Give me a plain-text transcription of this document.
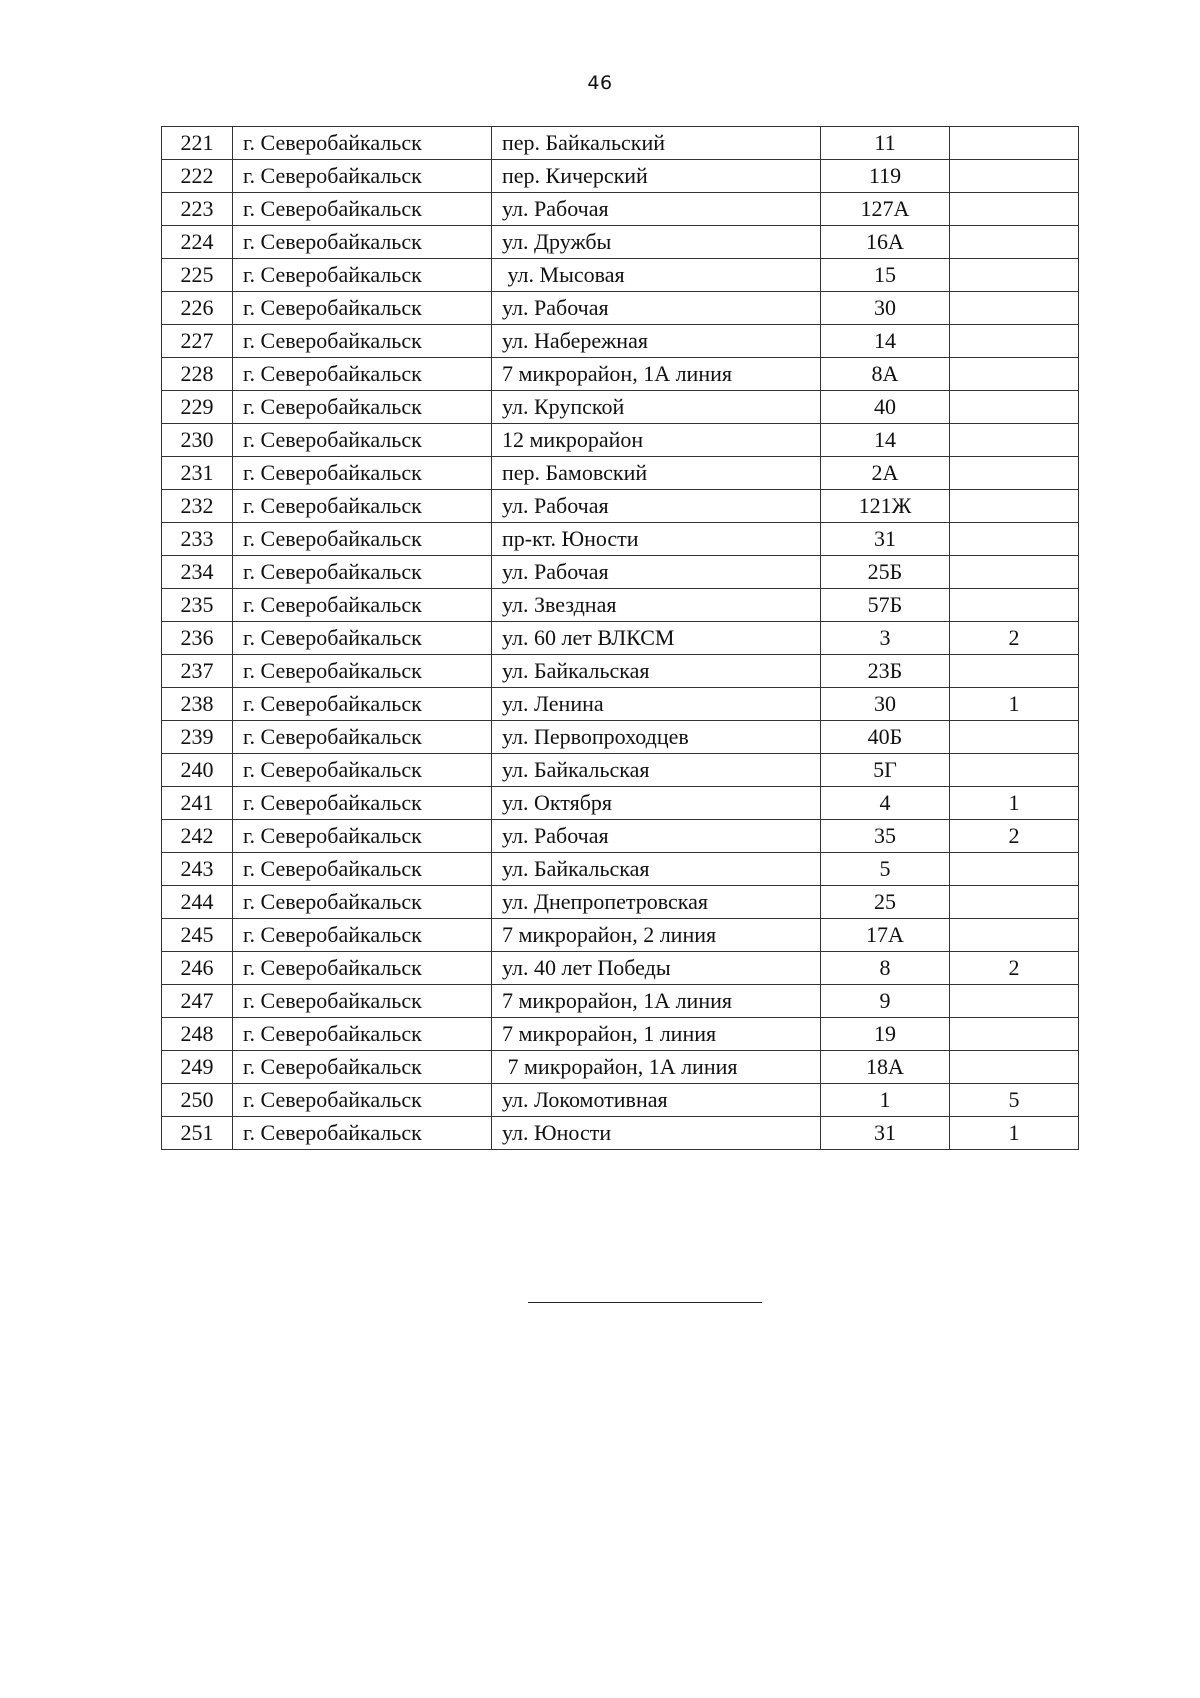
46
221	г. Северобайкальск	пер. Байкальский	11	
222	г. Северобайкальск	пер. Кичерский	119	
223	г. Северобайкальск	ул. Рабочая	127А	
224	г. Северобайкальск	ул. Дружбы	16А	
225	г. Северобайкальск	ул. Мысовая	15	
226	г. Северобайкальск	ул. Рабочая	30	
227	г. Северобайкальск	ул. Набережная	14	
228	г. Северобайкальск	7 микрорайон, 1А линия	8А	
229	г. Северобайкальск	ул. Крупской	40	
230	г. Северобайкальск	12 микрорайон	14	
231	г. Северобайкальск	пер. Бамовский	2А	
232	г. Северобайкальск	ул. Рабочая	121Ж	
233	г. Северобайкальск	пр-кт. Юности	31	
234	г. Северобайкальск	ул. Рабочая	25Б	
235	г. Северобайкальск	ул. Звездная	57Б	
236	г. Северобайкальск	ул. 60 лет ВЛКСМ	3	2
237	г. Северобайкальск	ул. Байкальская	23Б	
238	г. Северобайкальск	ул. Ленина	30	1
239	г. Северобайкальск	ул. Первопроходцев	40Б	
240	г. Северобайкальск	ул. Байкальская	5Г	
241	г. Северобайкальск	ул. Октября	4	1
242	г. Северобайкальск	ул. Рабочая	35	2
243	г. Северобайкальск	ул. Байкальская	5	
244	г. Северобайкальск	ул. Днепропетровская	25	
245	г. Северобайкальск	7 микрорайон, 2 линия	17А	
246	г. Северобайкальск	ул. 40 лет Победы	8	2
247	г. Северобайкальск	7 микрорайон, 1А линия	9	
248	г. Северобайкальск	7 микрорайон, 1 линия	19	
249	г. Северобайкальск	7 микрорайон, 1А линия	18А	
250	г. Северобайкальск	ул. Локомотивная	1	5
251	г. Северобайкальск	ул. Юности	31	1
